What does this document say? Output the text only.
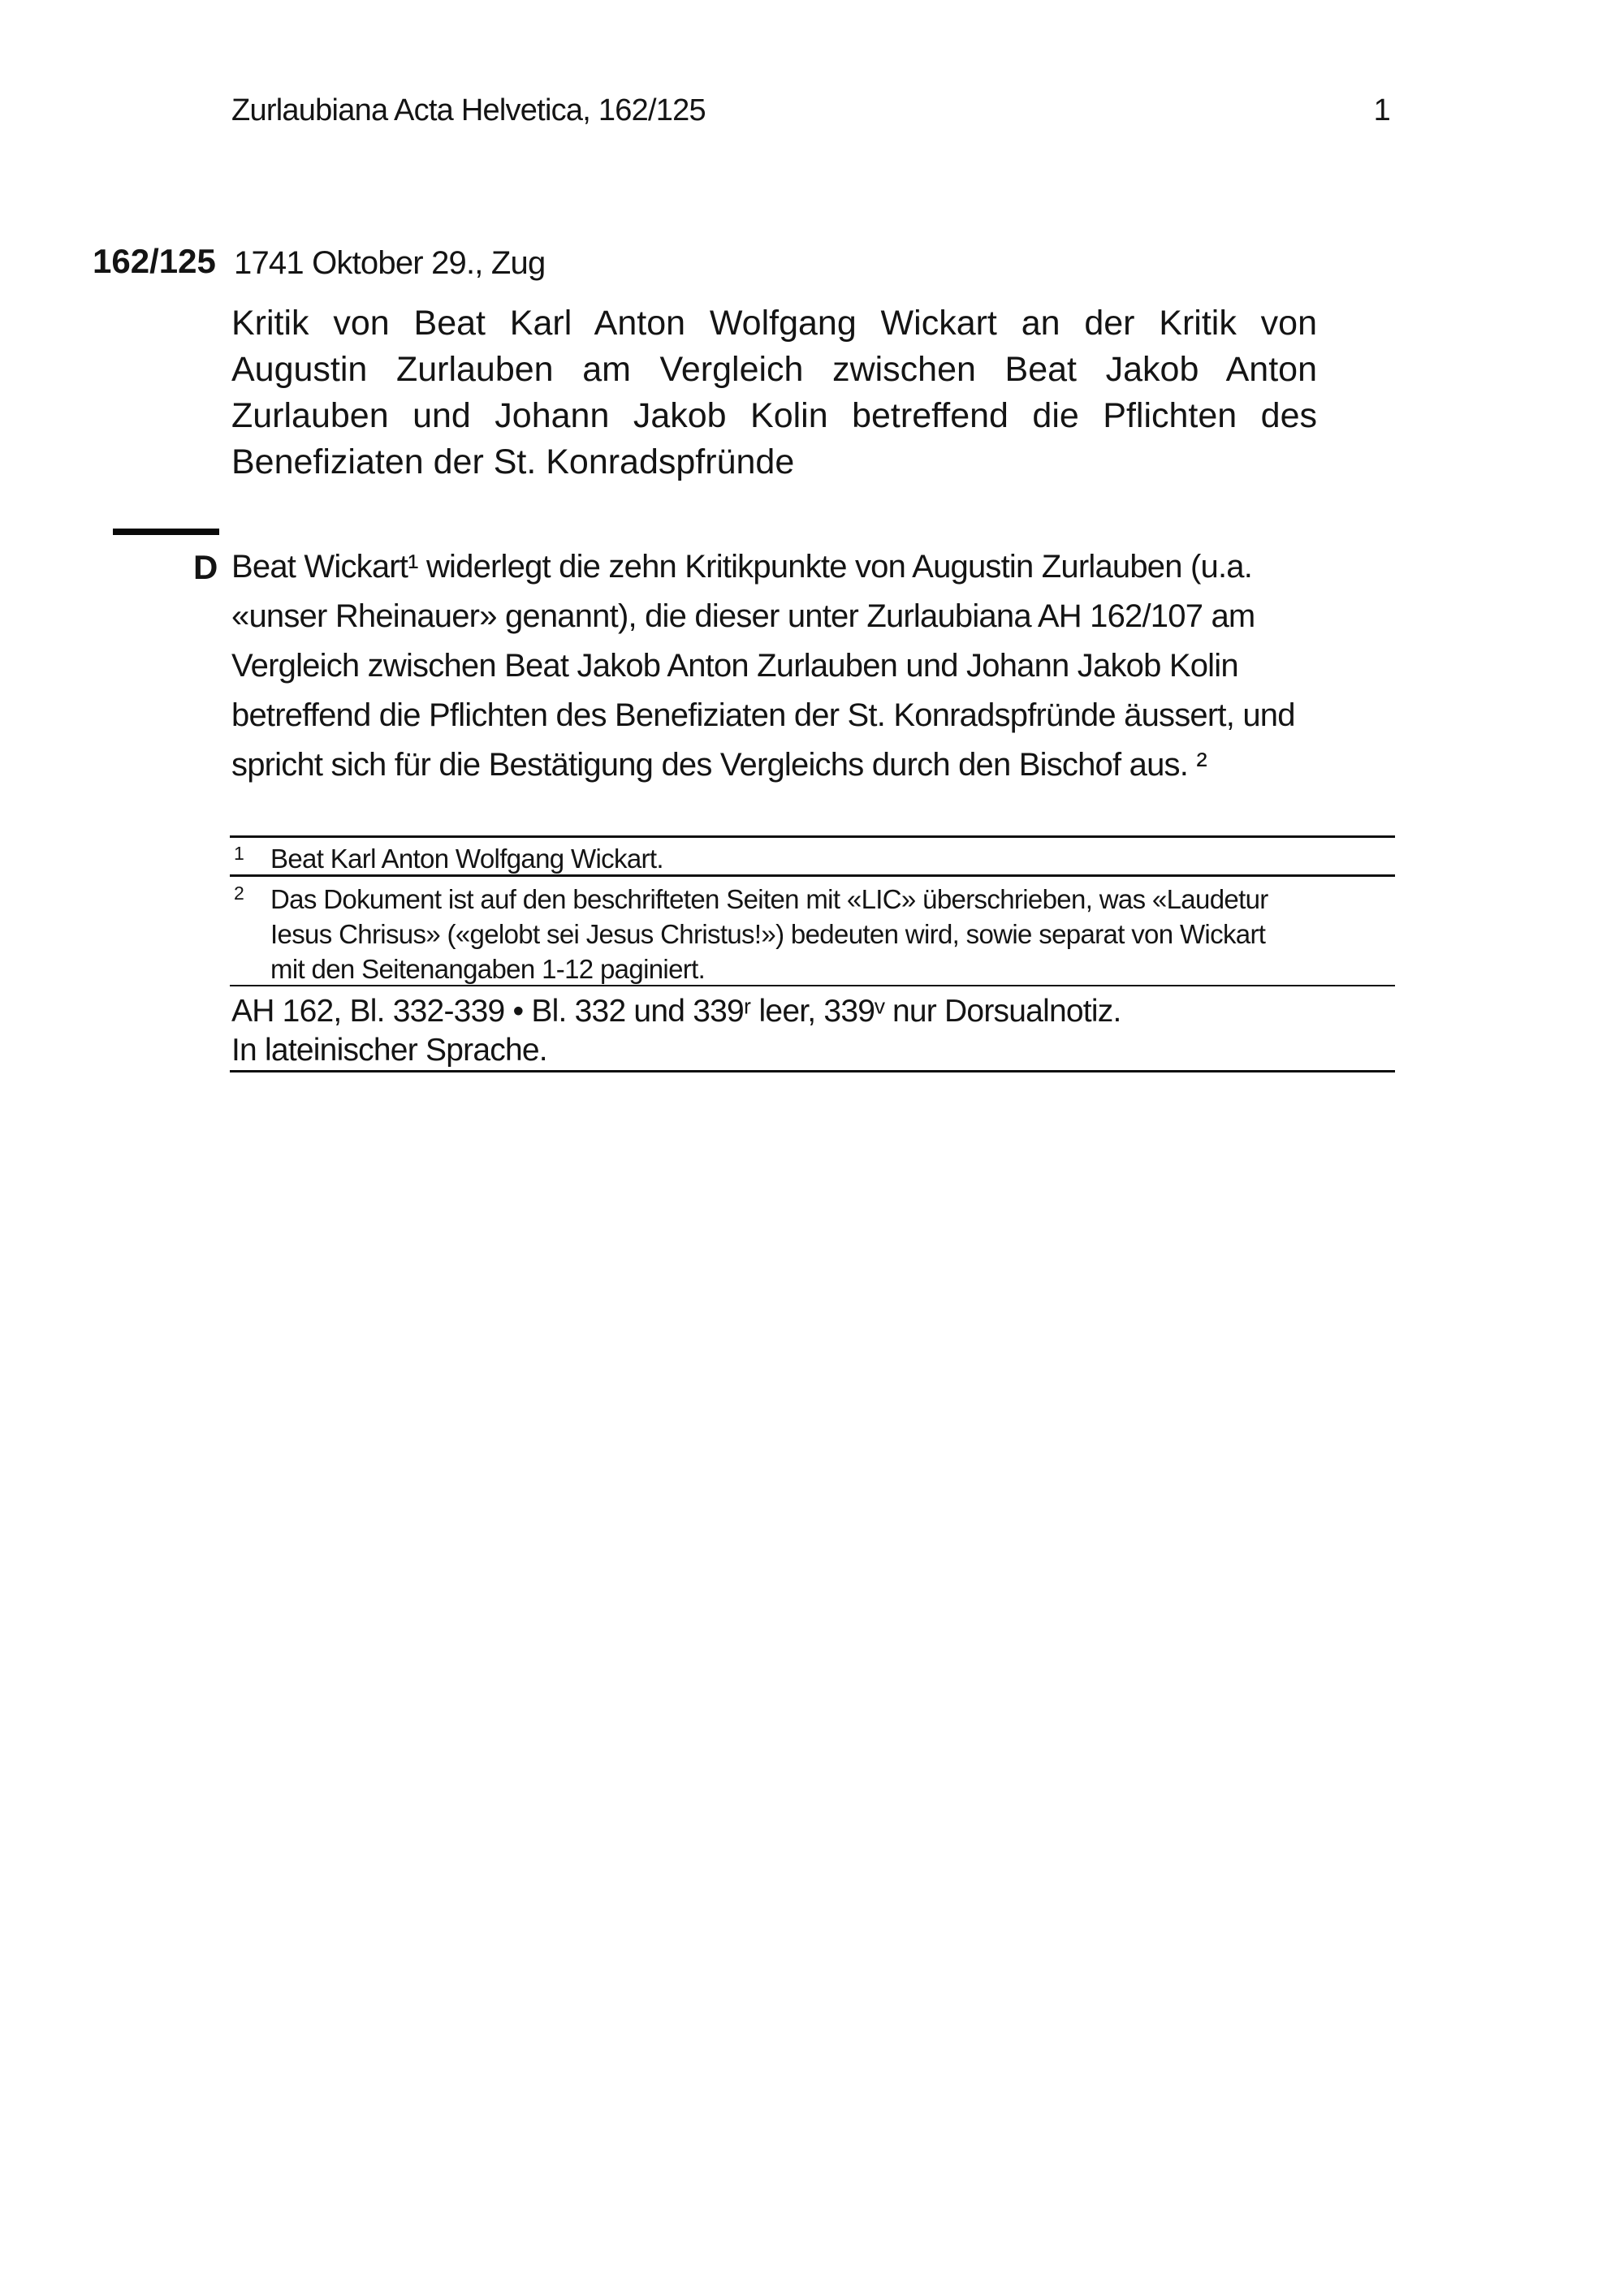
Zurlaubiana Acta Helvetica, 162/125	1
162/125 1741 Oktober 29., Zug
Kritik von Beat Karl Anton Wolfgang Wickart an der Kritik von
Augustin Zurlauben am Vergleich zwischen Beat Jakob Anton
Zurlauben und Johann Jakob Kolin betreffend die Pflichten des
Benefiziaten der St. Konradspfründe
D Beat Wickart¹ widerlegt die zehn Kritikpunkte von Augustin Zurlauben (u.a.
«unser Rheinauer» genannt), die dieser unter Zurlaubiana AH 162/107 am
Vergleich zwischen Beat Jakob Anton Zurlauben und Johann Jakob Kolin
betreffend die Pflichten des Benefiziaten der St. Konradspfründe äussert, und
spricht sich für die Bestätigung des Vergleichs durch den Bischof aus. ²
1 Beat Karl Anton Wolfgang Wickart.
2 Das Dokument ist auf den beschrifteten Seiten mit «LIC» überschrieben, was «Laudetur
Iesus Chrisus» («gelobt sei Jesus Christus!») bedeuten wird, sowie separat von Wickart
mit den Seitenangaben 1-12 paginiert.
AH 162, Bl. 332-339 • Bl. 332 und 339ʳ leer, 339ᵛ nur Dorsualnotiz.
In lateinischer Sprache.
